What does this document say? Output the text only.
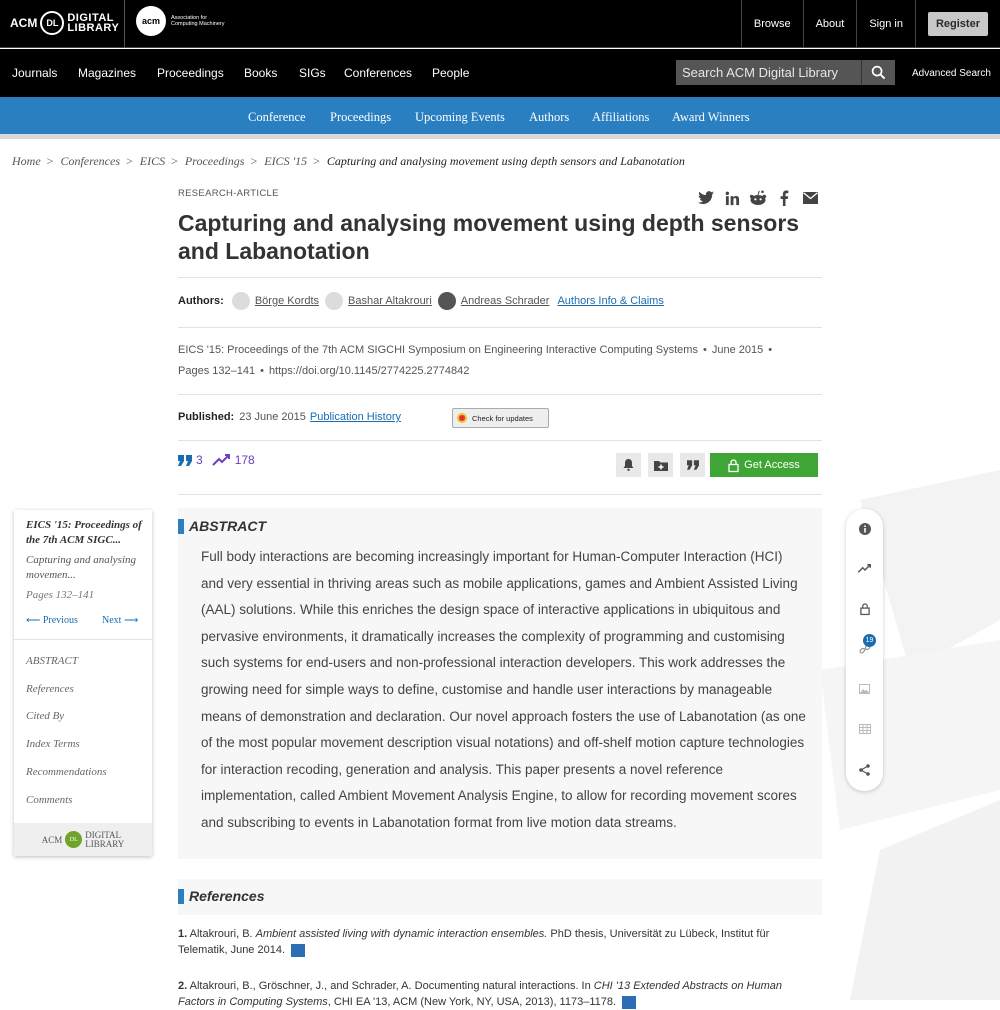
ACM	DL DIGITAL
LIBRARY
acm	Association for
Computing Machinery	Browse	About	Sign in	Register
Journals Magazines Proceedings Books SIGs Conferences People	Search ACM Digital Library	Advanced Search
Conference Proceedings Upcoming Events Authors Affiliations Award Winners
Home > Conferences > EICS > Proceedings > EICS '15 > Capturing and analysing movement using depth sensors and Labanotation
RESEARCH-ARTICLE
Capturing and analysing movement using depth sensors and Labanotation
Authors:	Börge Kordts	Bashar Altakrouri	Andreas Schrader Authors Info & Claims
EICS '15: Proceedings of the 7th ACM SIGCHI Symposium on Engineering Interactive Computing Systems • June 2015 •
Pages 132–141 • https://doi.org/10.1145/2774225.2774842
Published: 23 June 2015 Publication History	Check for updates
3	178	Get Access
EICS '15: Proceedings of the 7th ACM SIGC...
Capturing and analysing movemen...
Pages 132–141
⟵ Previous Next ⟶
ABSTRACT
References
Cited By
Index Terms
Recommendations
Comments
ACM	DL DIGITAL
LIBRARY
19
ABSTRACT
Full body interactions are becoming increasingly important for Human-Computer Interaction (HCI) and very essential in thriving areas such as mobile applications, games and Ambient Assisted Living (AAL) solutions. While this enriches the design space of interactive applications in ubiquitous and pervasive environments, it dramatically increases the complexity of programming and customising such systems for end-users and non-professional interaction developers. This work addresses the growing need for simple ways to define, customise and handle user interactions by manageable means of demonstration and declaration. Our novel approach fosters the use of Labanotation (as one of the most popular movement description visual notations) and off-shelf motion capture technologies for interaction recoding, generation and analysis. This paper presents a novel reference implementation, called Ambient Movement Analysis Engine, to allow for recording movement scores and subscribing to events in Labanotation format from live motion data streams.
References
1. Altakrouri, B. Ambient assisted living with dynamic interaction ensembles. PhD thesis, Universität zu Lübeck, Institut für Telematik, June 2014.
2. Altakrouri, B., Gröschner, J., and Schrader, A. Documenting natural interactions. In CHI '13 Extended Abstracts on Human Factors in Computing Systems, CHI EA '13, ACM (New York, NY, USA, 2013), 1173–1178.
